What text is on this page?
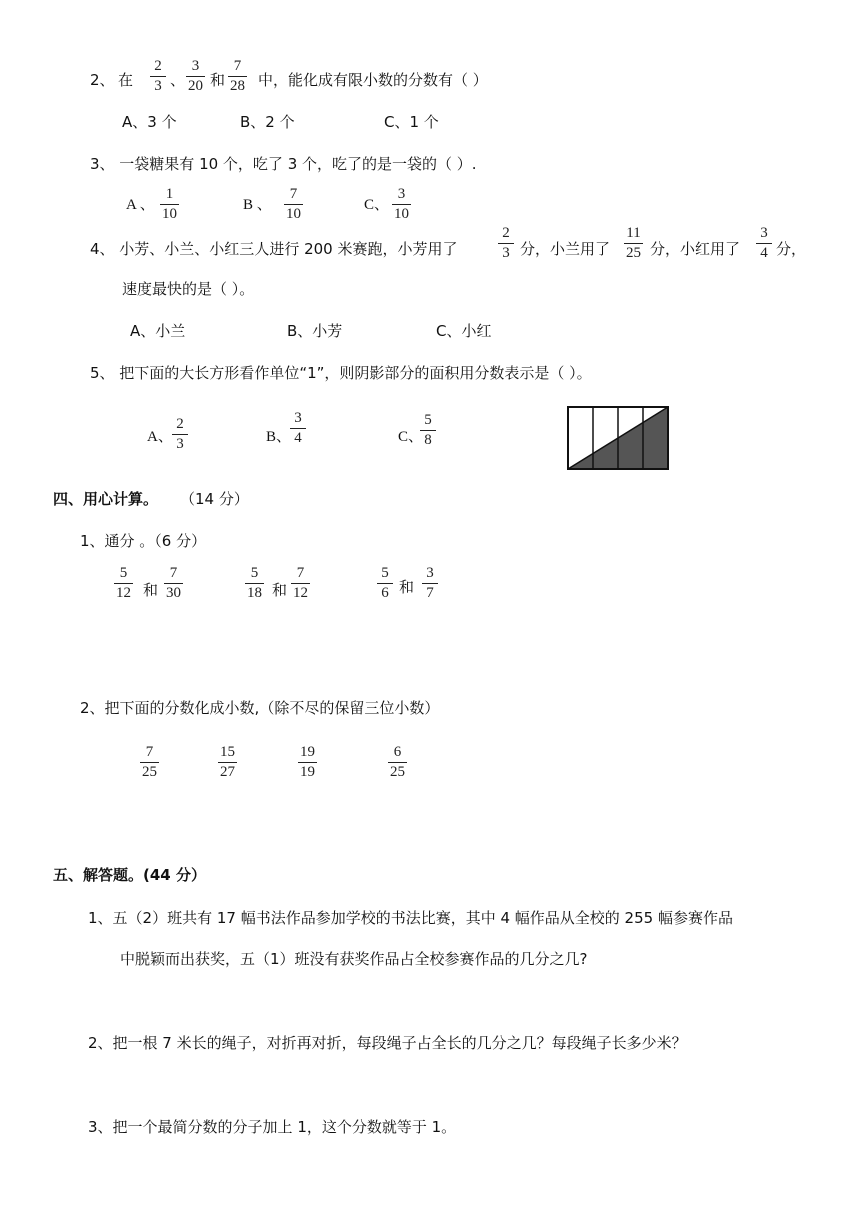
2、 在
2
3 、
3
20 和
7
28 中，能化成有限小数的分数有（ ）
A、3 个	B、2 个	C、1 个
3、 一袋糖果有 10 个，吃了 3 个，吃了的是一袋的（ ）.
A 、
1
10
B 、
7
10
C、
3
10
4、 小芳、小兰、小红三人进行 200 米赛跑，小芳用了
2
3 分，小兰用了
11
25 分，小红用了
3
4 分，
速度最快的是（ ）。
A、小兰	B、小芳	C、小红
5、 把下面的大长方形看作单位“1”，则阴影部分的面积用分数表示是（ ）。
A、
2
3	B、
3
4	C、
5
8
四、用心计算。 （14 分）
1、通分 。（6 分）
5
12 和
7
30
5
18 和
7
12
5
6 和
3
7
2、把下面的分数化成小数,（除不尽的保留三位小数）
7
25
15
27
19
19
6
25
五、解答题。(44 分）
1、五（2）班共有 17 幅书法作品参加学校的书法比赛，其中 4 幅作品从全校的 255 幅参赛作品
中脱颖而出获奖，五（1）班没有获奖作品占全校参赛作品的几分之几?
2、把一根 7 米长的绳子，对折再对折，每段绳子占全长的几分之几？每段绳子长多少米？
3、把一个最简分数的分子加上 1，这个分数就等于 1。
